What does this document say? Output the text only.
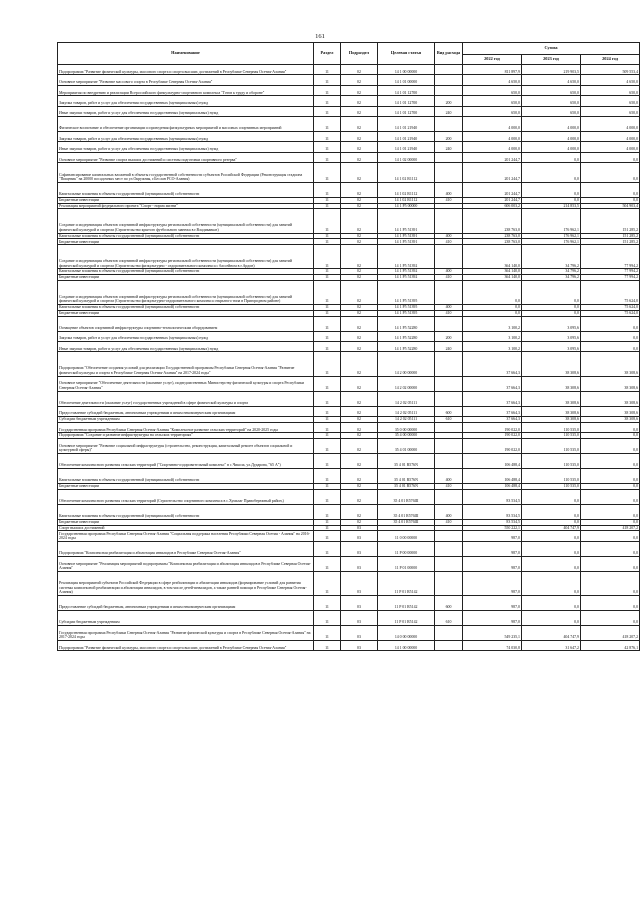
161
Наименование	Раздел	Подраздел	Целевая статья	Вид расхода	Сумма		
					2022 год	2023 год	2024 год
Подпрограмма "Развитие физической культуры, массового спорта и спорта высших достижений в Республике Северная Осетия-Алания"	11	02	14 1 00 00000		811 897,9	219 903,5	509 553,4
Основное мероприятие "Развитие массового спорта в Республике Северная Осетия-Алания"	11	02	14 1 01 00000		4 650,0	4 650,0	4 650,0
Мероприятия по внедрению и реализации Всероссийского физкультурно-спортивного комплекса "Готов к труду и обороне"	11	02	14 1 01 12700		650,0	650,0	650,0
Закупка товаров, работ и услуг для обеспечения государственных (муниципальных) нужд	11	02	14 1 01 12700	200	650,0	650,0	650,0
Иные закупки товаров, работ и услуг для обеспечения государственных (муниципальных) нужд	11	02	14 1 01 12700	240	650,0	650,0	650,0
Физическое воспитание и обеспечение организации и проведения физкультурных мероприятий и массовых спортивных мероприятий	11	02	14 1 01 21940		4 000,0	4 000,0	4 000,0
Закупка товаров, работ и услуг для обеспечения государственных (муниципальных) нужд	11	02	14 1 01 21940	200	4 000,0	4 000,0	4 000,0
Иные закупки товаров, работ и услуг для обеспечения государственных (муниципальных) нужд	11	02	14 1 01 21940	240	4 000,0	4 000,0	4 000,0
Основное мероприятие "Развитие спорта высших достижений и системы подготовки спортивного резерва"	11	02	14 1 02 00000		201 244,7	0,0	0,0
Софинансирование капитальных вложений в объекты государственной собственности субъектов Российской Федерации (Реконструкция стадиона "Пищевик" на 20000 посадочных мест по ул.Окружная, г.Беслан РСО-Алания)	11	02	14 1 02 R1112		201 244,7	0,0	0,0
Капитальные вложения в объекты государственной (муниципальной) собственности	11	02	14 1 02 R1112	400	201 244,7	0,0	0,0
Бюджетные инвестиции	11	02	14 1 02 R1112	410	201 244,7	0,0	0,0
Реализация мероприятий федерального проекта "Спорт - норма жизни"	11	02	14 1 P5 00000		606 003,2	214 853,5	504 903,4
Создание и модернизация объектов спортивной инфраструктуры региональной собственности (муниципальной собственности) для занятий физической культурой и спортом (Строительство крытого футбольного манежа в г.Владикавказ)	11	02	14 1 P5 51391		238 763,0	176 962,1	151 285,2
Капитальные вложения в объекты государственной (муниципальной) собственности	11	02	14 1 P5 51391	400	238 763,0	176 962,1	151 285,2
Бюджетные инвестиции	11	02	14 1 P5 51391	410	238 763,0	176 962,1	151 285,2
Создание и модернизация объектов спортивной инфраструктуры региональной собственности (муниципальной собственности) для занятий физической культурой и спортом (Строительство физкультурно - оздоровительного комплекса с бассейном в г.Ардон)	11	02	14 1 P5 51392		364 140,0	34 796,2	77 994,2
Капитальные вложения в объекты государственной (муниципальной) собственности	11	02	14 1 P5 51392	400	364 140,0	34 796,2	77 994,2
Бюджетные инвестиции	11	02	14 1 P5 51392	410	364 140,0	34 796,2	77 994,2
Создание и модернизация объектов спортивной инфраструктуры региональной собственности (муниципальной собственности) для занятий физической культурой и спортом (Строительство физкультурно-оздоровительного комплекса открытого типа в Пригородном районе)	11	02	14 1 P5 51395		0,0	0,0	75 624,0
Капитальные вложения в объекты государственной (муниципальной) собственности	11	02	14 1 P5 51395	400	0,0	0,0	75 624,0
Бюджетные инвестиции	11	02	14 1 P5 51395	410	0,0	0,0	75 624,0
Оснащение объектов спортивной инфраструктуры спортивно-технологическим оборудованием	11	02	14 1 P5 52280		3 100,2	3 095,6	0,0
Закупка товаров, работ и услуг для обеспечения государственных (муниципальных) нужд	11	02	14 1 P5 52280	200	3 100,2	3 095,6	0,0
Иные закупки товаров, работ и услуг для обеспечения государственных (муниципальных) нужд	11	02	14 1 P5 52280	240	3 100,2	3 095,6	0,0
Подпрограмма "Обеспечение создания условий для реализации Государственной программы Республики Северная Осетия-Алания "Развитие физической культуры и спорта в Республике Северная Осетия-Алания" на 2017-2024 годы"	11	02	14 2 00 00000		37 664,3	38 308,6	38 308,6
Основное мероприятие "Обеспечение деятельности (оказание услуг), подведомственных Министерству физической культуры и спорта Республики Северная Осетия-Алания"	11	02	14 2 02 00000		37 664,3	38 308,6	38 308,6
Обеспечение деятельности (оказание услуг) государственных учреждений в сфере физической культуры и спорта	11	02	14 2 02 05111		37 664,3	38 308,6	38 308,6
Предоставление субсидий бюджетным, автономным учреждениям и иным некоммерческим организациям	11	02	14 2 02 05111	600	37 664,3	38 308,6	38 308,6
Субсидии бюджетным учреждениям	11	02	14 2 02 05111	610	37 664,3	38 308,6	38 308,6
Государственная программа Республики Северная Осетия-Алания "Комплексное развитие сельских территорий" на 2020-2025 годы	11	02	35 0 00 00000		190 022,0	110 535,0	0,0
Подпрограмма "Создание и развитие инфраструктуры на сельских территориях"	11	02	35 4 00 00000		190 022,0	110 535,0	0,0
Основное мероприятие "Развитие социальной инфраструктуры (строительство, реконструкция, капитальный ремонт объектов социальной и культурной сферы)"	11	02	35 4 01 00000		190 022,0	110 535,0	0,0
Обеспечение комплексного развития сельских территорий ("Спортивно-оздоровительный комплекс" в с.Чикола, ул.Дударова, "65 А")	11	02	35 4 01 R576N		106 488,4	110 535,0	0,0
Капитальные вложения в объекты государственной (муниципальной) собственности	11	02	35 4 01 R576N	400	106 488,4	110 535,0	0,0
Бюджетные инвестиции	11	02	35 4 01 R576N	410	106 488,4	110 535,0	0,0
Обеспечение комплексного развития сельских территорий (Строительство спортивного комплекса в с.Хумалаг Правобережный район,)	11	02	35 4 01 R576Ш		83 534,5	0,0	0,0
Капитальные вложения в объекты государственной (муниципальной) собственности	11	02	35 4 01 R576Ш	400	83 534,5	0,0	0,0
Бюджетные инвестиции	11	02	35 4 01 R576Ш	410	83 534,5	0,0	0,0
Спорт высших достижений	11	03			550 222,1	404 747,9	418 207,2
Государственная программа Республики Северная Осетия-Алания "Социальная поддержка населения Республики Северная Осетия - Алания" на 2016-2024 годы	11	03	11 0 00 00000		987,0	0,0	0,0
Подпрограмма "Комплексная реабилитация и абилитация инвалидов в Республике Северная Осетия-Алания"	11	03	11 P 00 00000		987,0	0,0	0,0
Основное мероприятие "Реализация мероприятий подпрограммы "Комплексная реабилитация и абилитация инвалидов в Республике Северная Осетия-Алания"	11	03	11 P 01 00000		987,0	0,0	0,0
Реализация мероприятий субъектов Российской Федерации в сфере реабилитации и абилитации инвалидов (формирование условий для развития системы комплексной реабилитации и абилитации инвалидов, в том числе детей-инвалидов, а также ранней помощи в Республике Северная Осетия-Алания)	11	03	11 P 01 R5142		987,0	0,0	0,0
Предоставление субсидий бюджетным, автономным учреждениям и иным некоммерческим организациям	11	03	11 P 01 R5142	600	987,0	0,0	0,0
Субсидии бюджетным учреждениям	11	03	11 P 01 R5142	610	987,0	0,0	0,0
Государственная программа Республики Северная Осетия-Алания "Развитие физической культуры и спорта в Республике Северная Осетия-Алания" на 2017-2024 годы	11	03	14 0 00 00000		549 235,1	404 747,9	418 207,2
Подпрограмма "Развитие физической культуры, массового спорта и спорта высших достижений в Республике Северная Осетия-Алания"	11	03	14 1 00 00000		74 030,8	31 647,2	42 876,1
